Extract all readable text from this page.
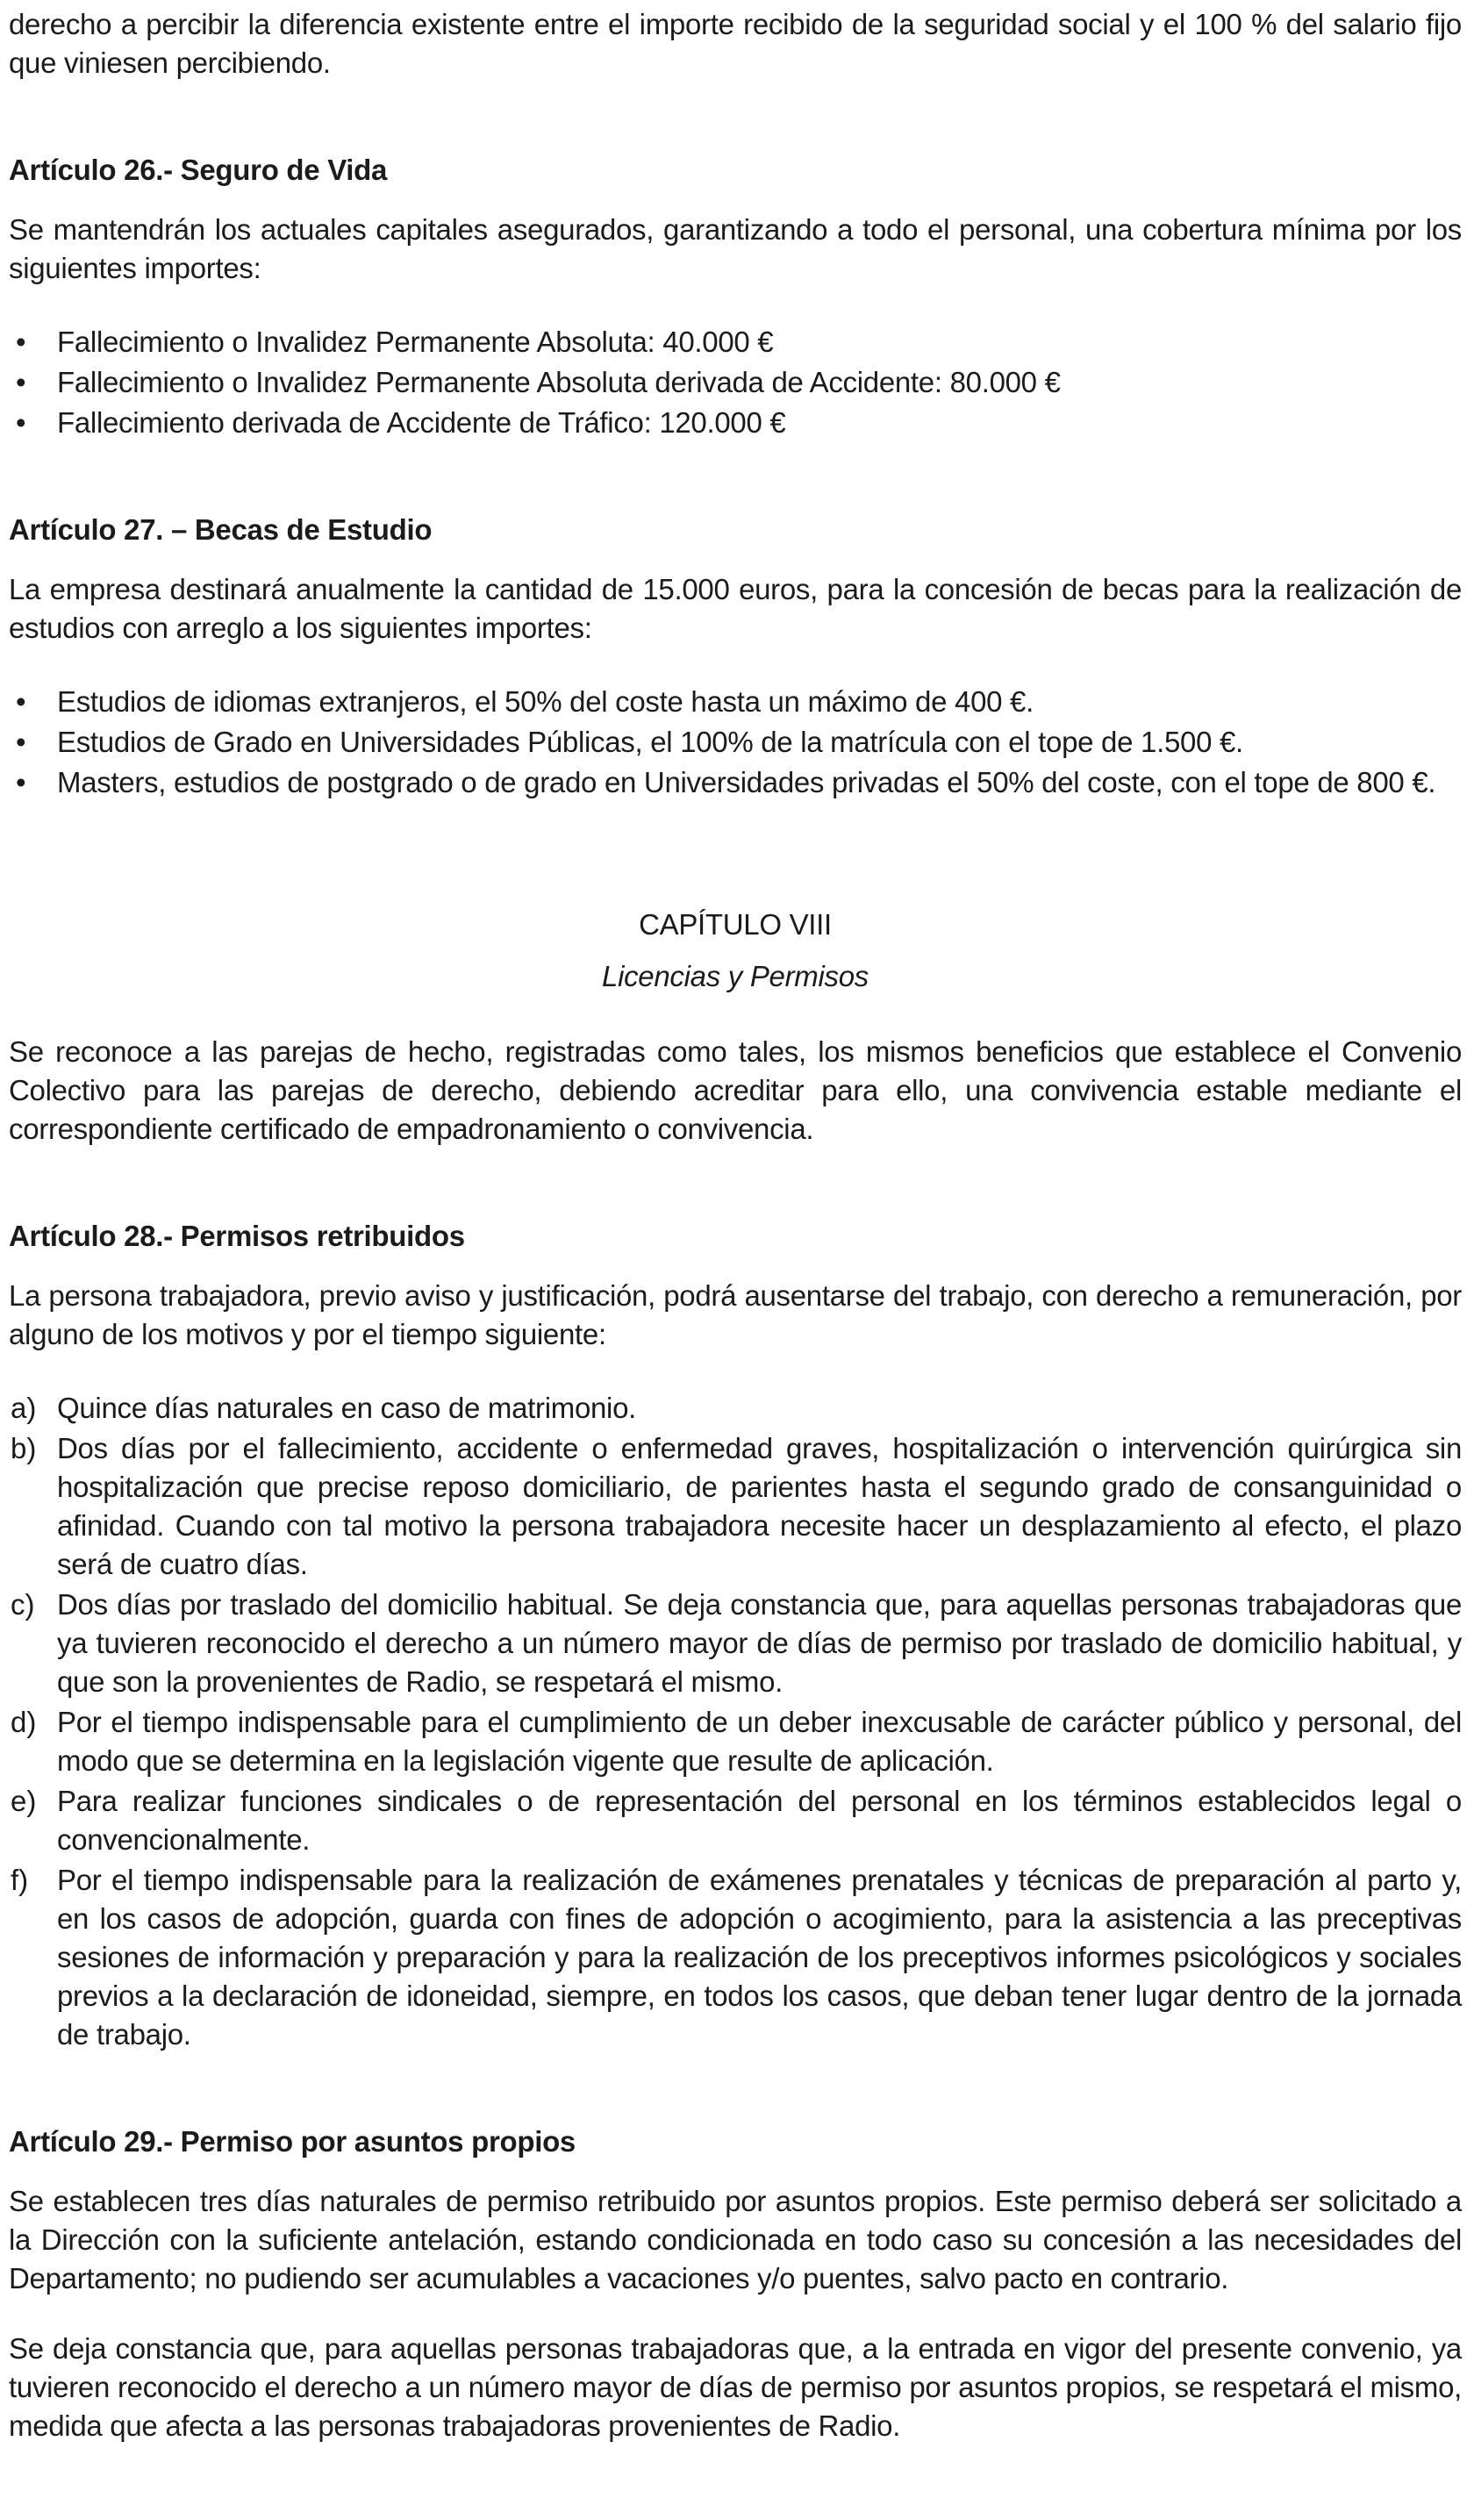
derecho a percibir la diferencia existente entre el importe recibido de la seguridad social y el 100 % del salario fijo que viniesen percibiendo.

Artículo 26.- Seguro de Vida

Se mantendrán los actuales capitales asegurados, garantizando a todo el personal, una cobertura mínima por los siguientes importes:

•	Fallecimiento o Invalidez Permanente Absoluta: 40.000 €
•	Fallecimiento o Invalidez Permanente Absoluta derivada de Accidente: 80.000 €
•	Fallecimiento derivada de Accidente de Tráfico: 120.000 €
Artículo 27. – Becas de Estudio

La empresa destinará anualmente la cantidad de 15.000 euros, para la concesión de becas para la realización de estudios con arreglo a los siguientes importes:

•	Estudios de idiomas extranjeros, el 50% del coste hasta un máximo de 400 €.
•	Estudios de Grado en Universidades Públicas, el 100% de la matrícula con el tope de 1.500 €.
•	Masters, estudios de postgrado o de grado en Universidades privadas el 50% del coste, con el tope de 800 €.
CAPÍTULO VIII
Licencias y Permisos

Se reconoce a las parejas de hecho, registradas como tales, los mismos beneficios que establece el Convenio Colectivo para las parejas de derecho, debiendo acreditar para ello, una convivencia estable mediante el correspondiente certificado de empadronamiento o convivencia.

Artículo 28.- Permisos retribuidos

La persona trabajadora, previo aviso y justificación, podrá ausentarse del trabajo, con derecho a remuneración, por alguno de los motivos y por el tiempo siguiente:

a) Quince días naturales en caso de matrimonio.
b) Dos días por el fallecimiento, accidente o enfermedad graves, hospitalización o intervención quirúrgica sin hospitalización que precise reposo domiciliario, de parientes hasta el segundo grado de consanguinidad o afinidad. Cuando con tal motivo la persona trabajadora necesite hacer un desplazamiento al efecto, el plazo será de cuatro días.
c) Dos días por traslado del domicilio habitual. Se deja constancia que, para aquellas personas trabajadoras que ya tuvieren reconocido el derecho a un número mayor de días de permiso por traslado de domicilio habitual, y que son la provenientes de Radio, se respetará el mismo.
d) Por el tiempo indispensable para el cumplimiento de un deber inexcusable de carácter público y personal, del modo que se determina en la legislación vigente que resulte de aplicación.
e) Para realizar funciones sindicales o de representación del personal en los términos establecidos legal o convencionalmente.
f) Por el tiempo indispensable para la realización de exámenes prenatales y técnicas de preparación al parto y, en los casos de adopción, guarda con fines de adopción o acogimiento, para la asistencia a las preceptivas sesiones de información y preparación y para la realización de los preceptivos informes psicológicos y sociales previos a la declaración de idoneidad, siempre, en todos los casos, que deban tener lugar dentro de la jornada de trabajo.
Artículo 29.- Permiso por asuntos propios

Se establecen tres días naturales de permiso retribuido por asuntos propios. Este permiso deberá ser solicitado a la Dirección con la suficiente antelación, estando condicionada en todo caso su concesión a las necesidades del Departamento; no pudiendo ser acumulables a vacaciones y/o puentes, salvo pacto en contrario.

Se deja constancia que, para aquellas personas trabajadoras que, a la entrada en vigor del presente convenio, ya tuvieren reconocido el derecho a un número mayor de días de permiso por asuntos propios, se respetará el mismo, medida que afecta a las personas trabajadoras provenientes de Radio.
